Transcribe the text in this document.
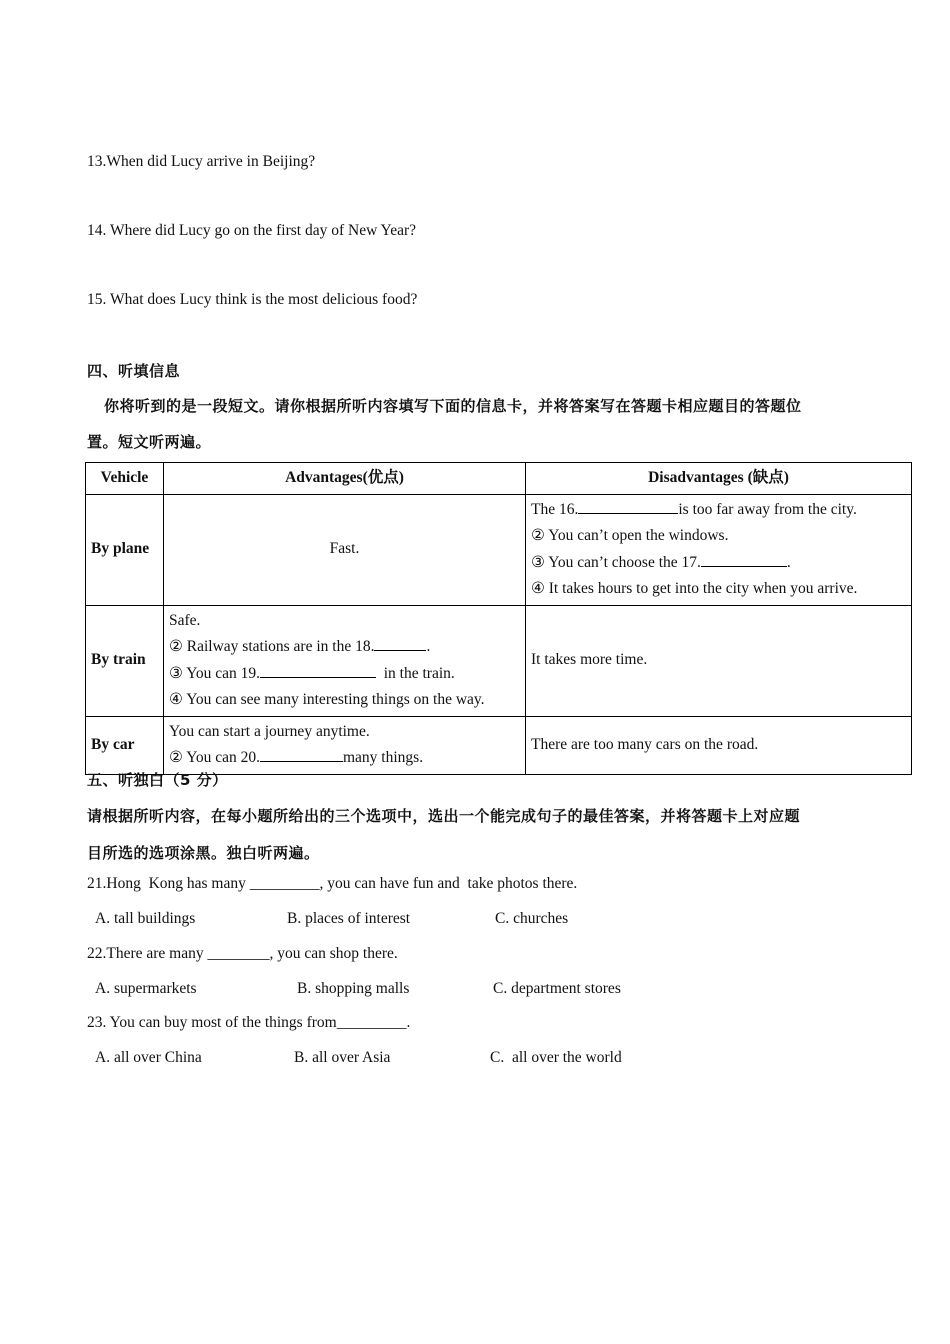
13.When did Lucy arrive in Beijing?
14. Where did Lucy go on the first day of New Year?
15. What does Lucy think is the most delicious food?
四、听填信息
你将听到的是一段短文。请你根据所听内容填写下面的信息卡，并将答案写在答题卡相应题目的答题位
置。短文听两遍。
Vehicle	Advantages(优点)	Disadvantages (缺点)
By plane	Fast.	The 16. is too far away from the city.
② You can’t open the windows.
③ You can’t choose the 17. .
④ It takes hours to get into the city when you arrive.

By train	Safe.
② Railway stations are in the 18. .
③ You can 19. in the train.
④ You can see many interesting things on the way.	It takes more time.
By car	You can start a journey anytime.
② You can 20. many things.	There are too many cars on the road.
五、听独白（5 分）
请根据所听内容，在每小题所给出的三个选项中，选出一个能完成句子的最佳答案，并将答题卡上对应题
目所选的选项涂黑。独白听两遍。
21.Hong  Kong has many _________, you can have fun and  take photos there.
A. tall buildings	B. places of interest	C. churches
22.There are many ________, you can shop there.
A. supermarkets	B. shopping malls	C. department stores
23. You can buy most of the things from_________.
A. all over China	B. all over Asia	C.  all over the world
